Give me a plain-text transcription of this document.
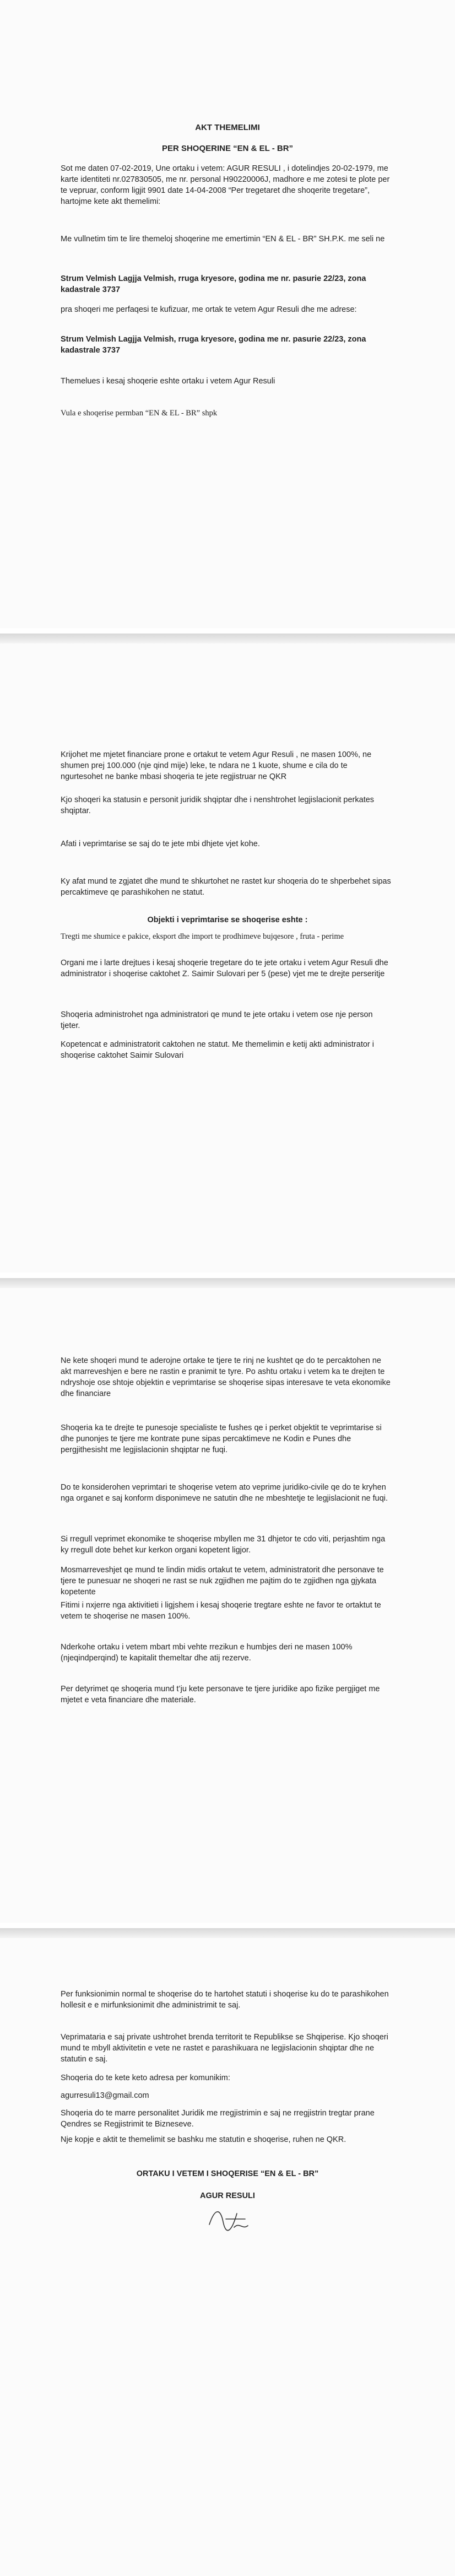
AKT THEMELIMI
PER SHOQERINE “EN & EL - BR”
Sot me daten 07-02-2019, Une ortaku i vetem: AGUR RESULI , i dotelindjes 20-02-1979, me karte identiteti nr.027830505, me nr. personal H90220006J, madhore e me zotesi te plote per te vepruar, conform ligjit 9901 date 14-04-2008 “Per tregetaret dhe shoqerite tregetare”, hartojme kete akt themelimi:
Me vullnetim tim te lire themeloj shoqerine me emertimin “EN & EL - BR” SH.P.K. me seli ne
Strum Velmish Lagjja Velmish, rruga kryesore, godina me nr. pasurie 22/23, zona kadastrale 3737
pra shoqeri me perfaqesi te kufizuar, me ortak te vetem Agur Resuli dhe me adrese:
Strum Velmish Lagjja Velmish, rruga kryesore, godina me nr. pasurie 22/23, zona kadastrale 3737
Themelues i kesaj shoqerie eshte ortaku i vetem Agur Resuli
Vula e shoqerise permban “EN & EL - BR” shpk
Krijohet me mjetet financiare prone e ortakut te vetem Agur Resuli , ne masen 100%, ne shumen prej 100.000 (nje qind mije) leke, te ndara ne 1 kuote, shume e cila do te ngurtesohet ne banke mbasi shoqeria te jete regjistruar ne QKR
Kjo shoqeri ka statusin e personit juridik shqiptar dhe i nenshtrohet legjislacionit perkates shqiptar.
Afati i veprimtarise se saj do te jete mbi dhjete vjet kohe.
Ky afat mund te zgjatet dhe mund te shkurtohet ne rastet kur shoqeria do te shperbehet sipas percaktimeve qe parashikohen ne statut.
Objekti i veprimtarise se shoqerise eshte :
Tregti me shumice e pakice, eksport dhe import te prodhimeve bujqesore , fruta - perime
Organi me i larte drejtues i kesaj shoqerie tregetare do te jete ortaku i vetem Agur Resuli dhe administrator i shoqerise caktohet Z. Saimir Sulovari per 5 (pese) vjet me te drejte perseritje
Shoqeria administrohet nga administratori qe mund te jete ortaku i vetem ose nje person tjeter.
Kopetencat e administratorit caktohen ne statut. Me themelimin e ketij akti administrator i shoqerise caktohet Saimir Sulovari
Ne kete shoqeri mund te aderojne ortake te tjere te rinj ne kushtet qe do te percaktohen ne akt marreveshjen e bere ne rastin e pranimit te tyre. Po ashtu ortaku i vetem ka te drejten te ndryshoje ose shtoje objektin e veprimtarise se shoqerise sipas interesave te veta ekonomike dhe financiare
Shoqeria ka te drejte te punesoje specialiste te fushes qe i perket objektit te veprimtarise si dhe punonjes te tjere me kontrate pune sipas percaktimeve ne Kodin e Punes dhe pergjithesisht me legjislacionin shqiptar ne fuqi.
Do te konsiderohen veprimtari te shoqerise vetem ato veprime juridiko-civile qe do te kryhen nga organet e saj konform disponimeve ne satutin dhe ne mbeshtetje te legjislacionit ne fuqi.
Si rregull veprimet ekonomike te shoqerise mbyllen me 31 dhjetor te cdo viti, perjashtim nga ky rregull dote behet kur kerkon organi kopetent ligjor.
Mosmarreveshjet qe mund te lindin midis ortakut te vetem, administratorit dhe personave te tjere te punesuar ne shoqeri ne rast se nuk zgjidhen me pajtim do te zgjidhen nga gjykata kopetente
Fitimi i nxjerre nga aktivitieti i ligjshem i kesaj shoqerie tregtare eshte ne favor te ortaktut te vetem te shoqerise ne masen 100%.
Nderkohe ortaku i vetem mbart mbi vehte rrezikun e humbjes deri ne masen 100% (njeqindperqind) te kapitalit themeltar dhe atij rezerve.
Per detyrimet qe shoqeria mund t’ju kete personave te tjere juridike apo fizike pergjiget me mjetet e veta financiare dhe materiale.
Per funksionimin normal te shoqerise do te hartohet statuti i shoqerise ku do te parashikohen hollesit e e mirfunksionimit dhe administrimit te saj.
Veprimataria e saj private ushtrohet brenda territorit te Republikse se Shqiperise. Kjo shoqeri mund te mbyll aktivitetin e vete ne rastet e parashikuara ne legjislacionin shqiptar dhe ne statutin e saj.
Shoqeria do te kete keto adresa per komunikim:
agurresuli13@gmail.com
Shoqeria do te marre personalitet Juridik me rregjistrimin e saj ne rregjistrin tregtar prane Qendres se Regjistrimit te Bizneseve.
Nje kopje e aktit te themelimit se bashku me statutin e shoqerise, ruhen ne QKR.
ORTAKU I VETEM I SHOQERISE “EN & EL - BR”
AGUR RESULI
